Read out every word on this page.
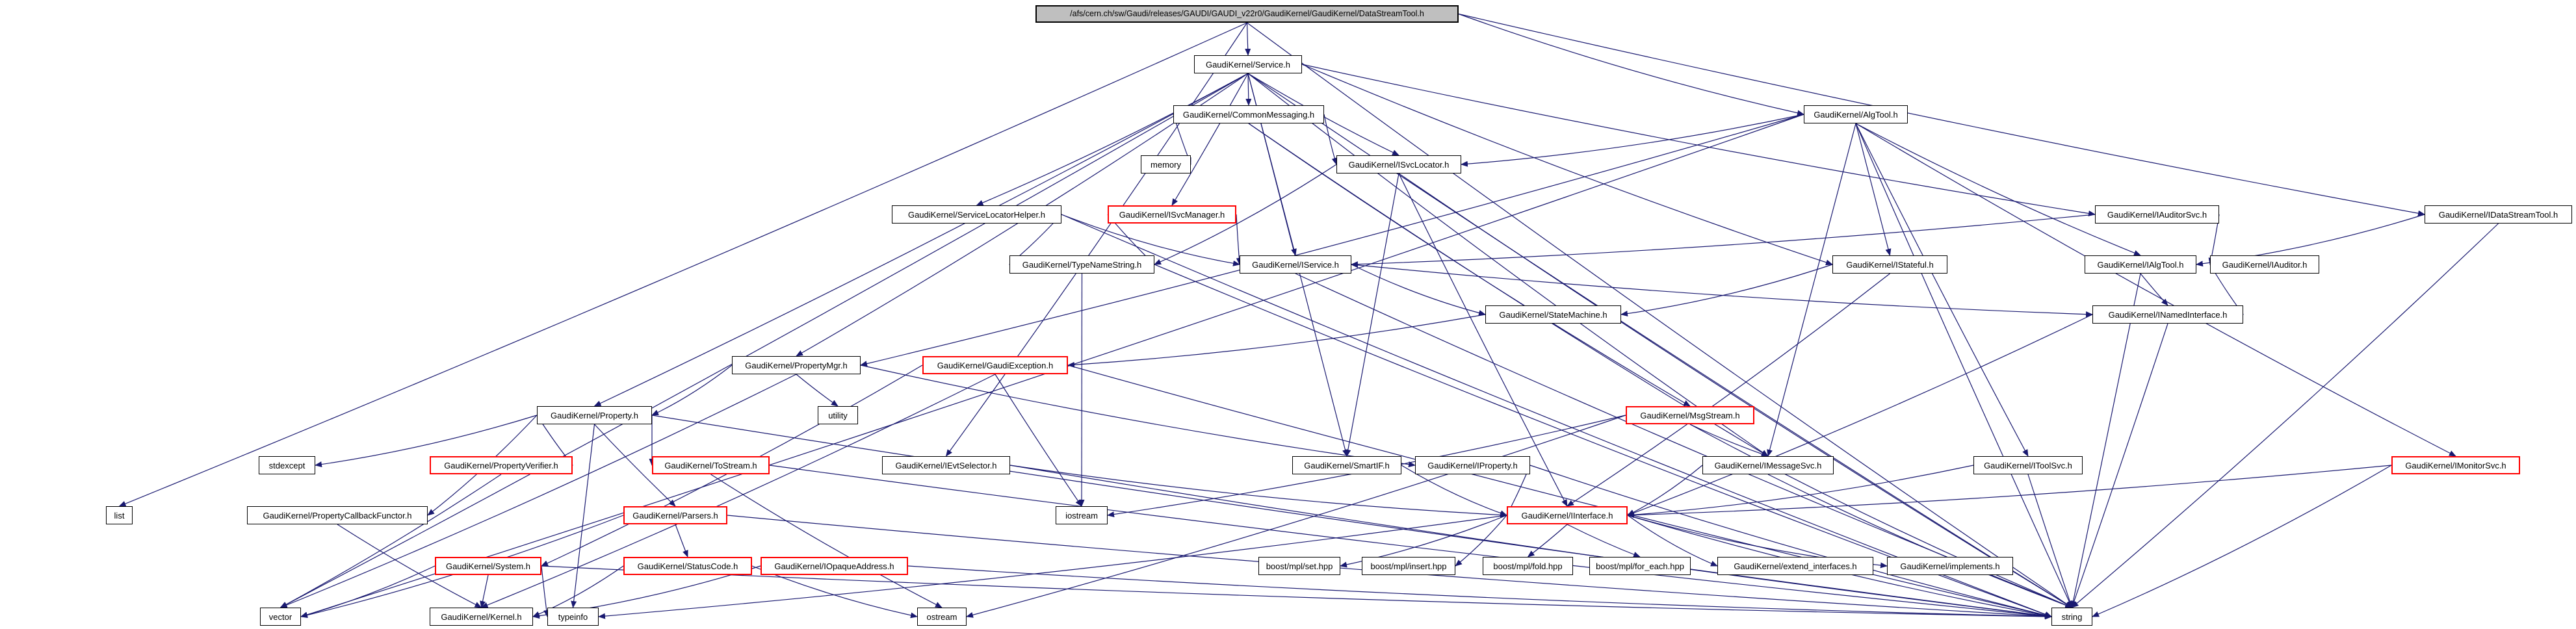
/afs/cern.ch/sw/Gaudi/releases/GAUDI/GAUDI_v22r0/GaudiKernel/GaudiKernel/DataStreamTool.h
GaudiKernel/Service.h
GaudiKernel/CommonMessaging.h	GaudiKernel/AlgTool.h
memory	GaudiKernel/ISvcLocator.h
GaudiKernel/ServiceLocatorHelper.h	GaudiKernel/ISvcManager.h	GaudiKernel/IAuditorSvc.h	GaudiKernel/IDataStreamTool.h
GaudiKernel/TypeNameString.h	GaudiKernel/IService.h	GaudiKernel/IStateful.h	GaudiKernel/IAlgTool.h	GaudiKernel/IAuditor.h
GaudiKernel/StateMachine.h	GaudiKernel/INamedInterface.h
GaudiKernel/PropertyMgr.h	GaudiKernel/GaudiException.h
GaudiKernel/Property.h	utility	GaudiKernel/MsgStream.h
stdexcept	GaudiKernel/PropertyVerifier.h	GaudiKernel/ToStream.h	GaudiKernel/IEvtSelector.h	GaudiKernel/SmartIF.h	GaudiKernel/IProperty.h	GaudiKernel/IMessageSvc.h	GaudiKernel/IToolSvc.h	GaudiKernel/IMonitorSvc.h
list	GaudiKernel/PropertyCallbackFunctor.h	GaudiKernel/Parsers.h	iostream	GaudiKernel/IInterface.h
GaudiKernel/System.h	GaudiKernel/StatusCode.h	GaudiKernel/IOpaqueAddress.h	boost/mpl/set.hpp	boost/mpl/insert.hpp	boost/mpl/fold.hpp	boost/mpl/for_each.hpp	GaudiKernel/extend_interfaces.h	GaudiKernel/implements.h
vector	GaudiKernel/Kernel.h	typeinfo	ostream	string
